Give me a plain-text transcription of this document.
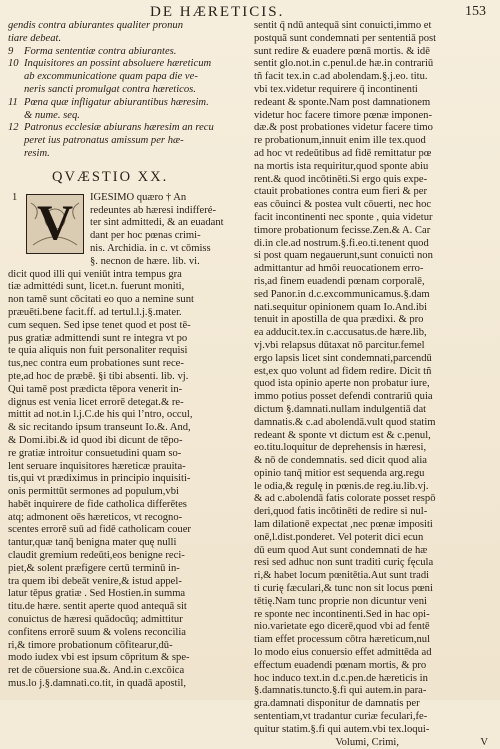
DE HÆRETICIS.	153
gendis contra abiurantes qualiter pronun
tiare debeat.
9 Forma sententiæ contra abiurantes.
10 Inquisitores an possint absoluere hæreticum
ab excommunicatione quam papa die ve-
neris sancti promulgat contra hæreticos.
11 Pœna quæ infligatur abiurantibus hæresim.
& nume. seq.
12 Patronus ecclesiæ abiurans hæresim an recu
peret ius patronatus amissum per hæ-
resim.
QVÆSTIO XX.
1 V	IGESIMO quæro † An
redeuntes ab hæresi indifferé-
ter sint admittedi, & an euadant
dant per hoc pœnas crimi-
nis. Archidia. in c. vt cōmiss
§. necnon de hære. lib. vi.
dicit quod illi qui veniūt intra tempus gra
tiæ admittédi sunt, licet.n. fuerunt moniti,
non tamē sunt cōcitati eo quo a nemine sunt
præuēti.bene facit.ff. ad tertul.l.j.§.mater.
cum sequen. Sed ipse tenet quod et post tē-
pus gratiæ admittendi sunt re integra vt po
te quia aliquis non fuit personaliter requisi
tus,nec contra eum probationes sunt rece-
pte,ad hoc de præbē. §i tibi absenti. lib. vj.
Qui tamē post prædicta tēpora venerit in-
dignus est venia licet errorē detegat.& re-
mittit ad not.in l.j.C.de his qui l’ntro, occul,
& sic recitando ipsum transeunt Io.&. And,
& Domi.ibi.& id quod ibi dicunt de tēpo-
re gratiæ introitur consuetudini quam so-
lent seruare inquisitores hæreticæ prauita-
tis,qui vt prædiximus in principio inquisiti-
onis permittūt sermones ad populum,vbi
habēt inquirere de fide catholica differētes
atq; admonent oēs hæreticos, vt recogno-
scentes errorē suū ad fidē catholicam couer
tantur,quæ tanq̄ benigna mater quę nulli
claudit gremium redeūti,eos benigne reci-
piet,& solent præfigere certū terminū in-
tra quem ibi debeāt venire,& istud appel-
latur tēpus gratiæ . Sed Hostien.in summa
titu.de hære. sentit aperte quod antequā sit
conuictus de hæresi quādocūq; admittitur
confitens errorē suum & volens reconcilia
ri,& timore probationum cōfitearur,dū-
modo iudex vbi est ipsum cōpritum & spe-
ret de cōuersione sua.&. And.in c.excōica
mus.lo j.§.damnati.co.tit, in quadā apostil,
sentit q̄ ndū antequā sint conuicti,immo et
postquā sunt condemnati per sententiā post
sunt redire & euadere pœnā mortis. & idē
sentit glo.not.in c.penul.de hæ.in contrariū
tñ facit tex.in c.ad abolendam.§.j.eo. titu.
vbi tex.videtur requirere q̄ incontinenti
redeant & sponte.Nam post damnationem
videtur hoc facere timore pœnæ imponen-
dæ.& post probationes videtur facere timo
re probationum,innuit enim ille tex.quod
ad hoc vt redeūtibus ad fidē remittatur pœ
na mortis ista requiritur,quod sponte abiu
rent.& quod incōtinēti.Si ergo quis expe-
ctauit probationes contra eum fieri & per
eas cōuinci & postea vult cōuerti, nec hoc
facit incontinenti nec sponte , quia videtur
timore probationum fecisse.Zen.& A. Car
di.in cle.ad nostrum.§.fi.eo.ti.tenent quod
si post quam negauerunt,sunt conuicti non
admittantur ad hmōi reuocationem erro-
ris,ad finem euadendi pœnam corporalē,
sed Panor.in d.c.excommunicamus.§.dam
nati.sequitur opinionem quam Io.And.ibi
tenuit in apostilla de qua prædixi. & pro
ea adducit.tex.in c.accusatus.de hære.lib,
vj.vbi relapsus dūtaxat nō parcitur.femel
ergo lapsis licet sint condemnati,parcendū
est,ex quo volunt ad fidem redire. Dicit tñ
quod ista opinio aperte non probatur iure,
immo potius posset defendi contrariū quia
dictum §.damnati.nullam indulgentiā dat
damnatis.& c.ad abolendā.vult quod statim
redeant & sponte vt dictum est & c.penul,
eo.titu.loquitur de deprehensis in hæresi,
& nō de condemnatis. sed dicit quod alia
opinio tanq̄ mitior est sequenda arg.regu
le odia,& regulę in pœnis.de reg.iu.lib.vj.
& ad c.abolendā fatis colorate posset respō
deri,quod fatis incōtinēti de redire si nul-
lam dilationē expectat ,nec pœnæ impositi
onē,l.dist.ponderet. Vel poterit dici ecun
dū eum quod Aut sunt condemnati de hæ
resi sed adhuc non sunt traditi curiç fęcula
ri,& habet locum pœnitētia.Aut sunt tradi
ti curię fæculari,& tunc non sit locus pœni
tētię.Nam tunc proprie non dicuntur veni
re sponte nec incontinenti.Sed in hac opi-
nio.varietate ego dicerē,quod vbi ad fentē
tiam effet processum cōtra hæreticum,nul
lo modo eius conuersio effet admittēda ad
effectum euadendi pœnam mortis, & pro
hoc induco text.in d.c.pen.de hæreticis in
§.damnatis.tuncto.§.fi qui autem.in para-
gra.damnati disponitur de damnatis per
sententiam,vt tradantur curiæ feculari,fe-
quitur statim.§.fi qui autem.vbi tex.loqui-
Volumi, Crimi,	V
